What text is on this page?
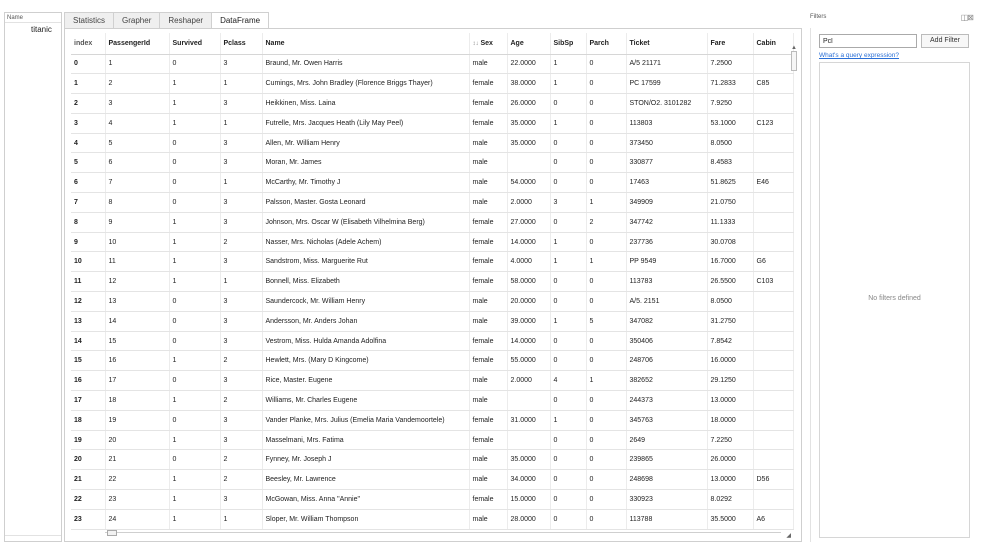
Name
titanic
Statistics	Grapher	Reshaper	DataFrame
index	PassengerId	Survived	Pclass	Name	↕↓ Sex	Age	SibSp	Parch	Ticket	Fare	Cabin
0	1	0	3	Braund, Mr. Owen Harris	male	22.0000	1	0	A/5 21171	7.2500	
1	2	1	1	Cumings, Mrs. John Bradley (Florence Briggs Thayer)	female	38.0000	1	0	PC 17599	71.2833	C85
2	3	1	3	Heikkinen, Miss. Laina	female	26.0000	0	0	STON/O2. 3101282	7.9250	
3	4	1	1	Futrelle, Mrs. Jacques Heath (Lily May Peel)	female	35.0000	1	0	113803	53.1000	C123
4	5	0	3	Allen, Mr. William Henry	male	35.0000	0	0	373450	8.0500	
5	6	0	3	Moran, Mr. James	male		0	0	330877	8.4583	
6	7	0	1	McCarthy, Mr. Timothy J	male	54.0000	0	0	17463	51.8625	E46
7	8	0	3	Palsson, Master. Gosta Leonard	male	2.0000	3	1	349909	21.0750	
8	9	1	3	Johnson, Mrs. Oscar W (Elisabeth Vilhelmina Berg)	female	27.0000	0	2	347742	11.1333	
9	10	1	2	Nasser, Mrs. Nicholas (Adele Achem)	female	14.0000	1	0	237736	30.0708	
10	11	1	3	Sandstrom, Miss. Marguerite Rut	female	4.0000	1	1	PP 9549	16.7000	G6
11	12	1	1	Bonnell, Miss. Elizabeth	female	58.0000	0	0	113783	26.5500	C103
12	13	0	3	Saundercock, Mr. William Henry	male	20.0000	0	0	A/5. 2151	8.0500	
13	14	0	3	Andersson, Mr. Anders Johan	male	39.0000	1	5	347082	31.2750	
14	15	0	3	Vestrom, Miss. Hulda Amanda Adolfina	female	14.0000	0	0	350406	7.8542	
15	16	1	2	Hewlett, Mrs. (Mary D Kingcome)	female	55.0000	0	0	248706	16.0000	
16	17	0	3	Rice, Master. Eugene	male	2.0000	4	1	382652	29.1250	
17	18	1	2	Williams, Mr. Charles Eugene	male		0	0	244373	13.0000	
18	19	0	3	Vander Planke, Mrs. Julius (Emelia Maria Vandemoortele)	female	31.0000	1	0	345763	18.0000	
19	20	1	3	Masselmani, Mrs. Fatima	female		0	0	2649	7.2250	
20	21	0	2	Fynney, Mr. Joseph J	male	35.0000	0	0	239865	26.0000	
21	22	1	2	Beesley, Mr. Lawrence	male	34.0000	0	0	248698	13.0000	D56
22	23	1	3	McGowan, Miss. Anna "Annie"	female	15.0000	0	0	330923	8.0292	
23	24	1	1	Sloper, Mr. William Thompson	male	28.0000	0	0	113788	35.5000	A6
▲
◢
Filters	◫⊠
Pcl
Add Filter
What's a query expression?
No filters defined
